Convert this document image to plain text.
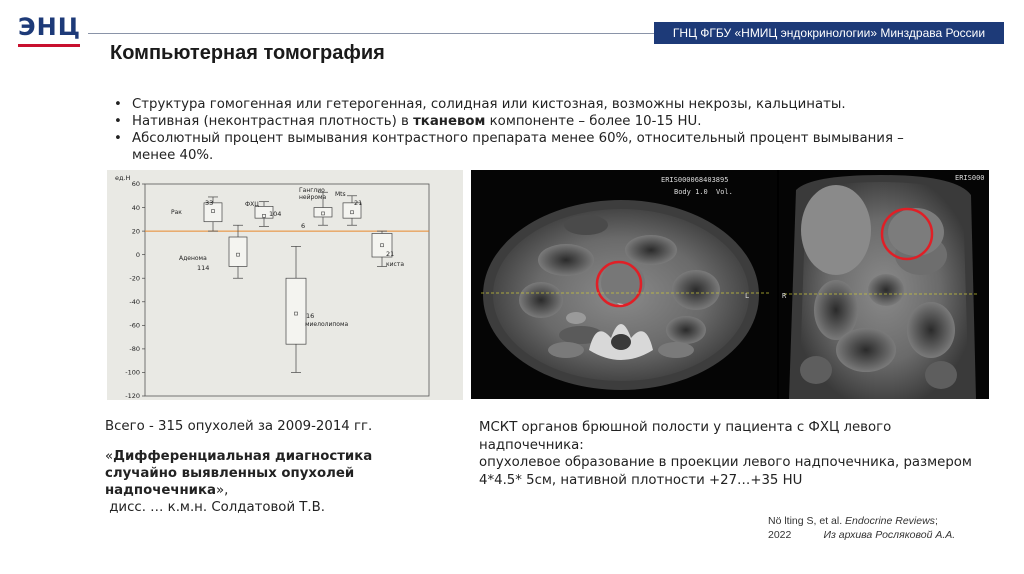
ЭНЦ	ГНЦ ФГБУ «НМИЦ эндокринологии» Минздрава России
Компьютерная томография
• Структура гомогенная или гетерогенная, солидная или кистозная, возможны некрозы, кальцинаты.
• Нативная (неконтрастная плотность) в тканевом компоненте – более 10-15 HU.
• Абсолютный процент вымывания контрастного препарата менее 60%, относительный процент вымывания – менее 40%.
60
40
20
0
-20
-40
-60
-80
-100
-120
ед.Н
Рак
33
Аденома
114
ФХЦ
104
миелолипома
16
Ганглио
нейрома
6
Mts
21
киста
21
ERIS000068403895
Body 1.0 Vol.
L
ERIS000
R
Всего - 315 опухолей за 2009-2014 гг.
«Дифференциальная диагностика случайно выявленных опухолей надпочечника»,
дисс. … к.м.н. Солдатовой Т.В.
МСКТ органов брюшной полости у пациента с ФХЦ левого надпочечника:
опухолевое образование в проекции левого надпочечника, размером 4*4.5* 5см, нативной плотности +27…+35 HU
Nö lting S, et al. Endocrine Reviews;
2022	Из архива Росляковой А.А.
